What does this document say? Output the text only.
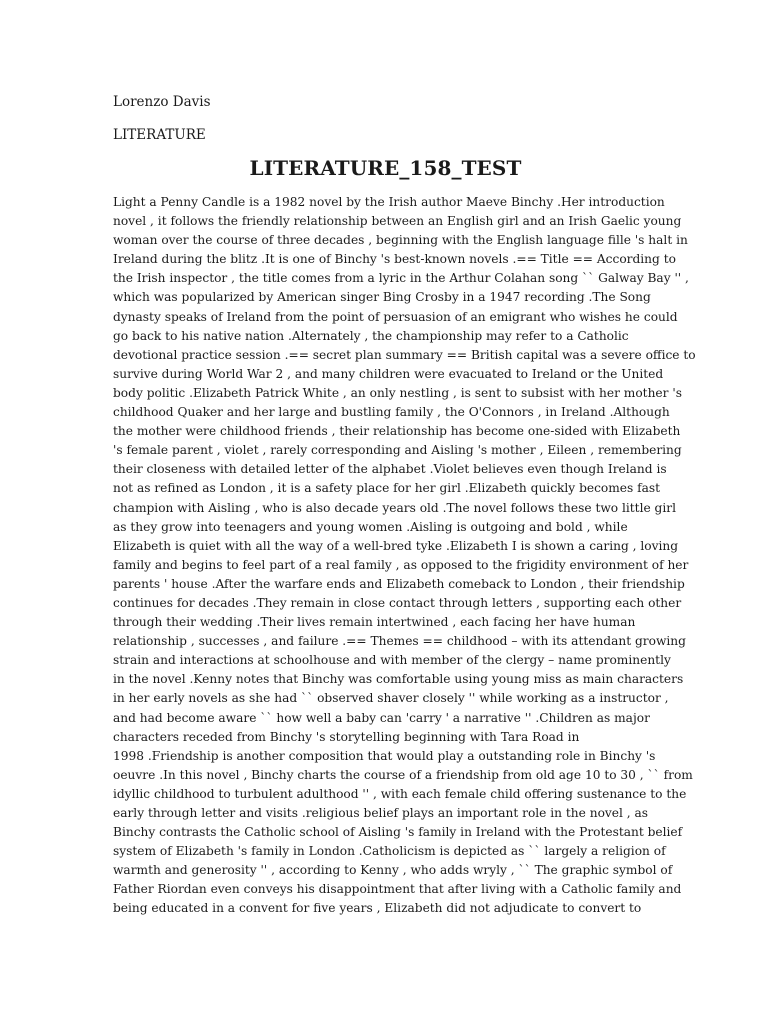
Lorenzo Davis
LITERATURE
LITERATURE_158_TEST
Light a Penny Candle is a 1982 novel by the Irish author Maeve Binchy .Her introduction
novel , it follows the friendly relationship between an English girl and an Irish Gaelic young
woman over the course of three decades , beginning with the English language fille 's halt in
Ireland during the blitz .It is one of Binchy 's best-known novels .== Title == According to
the Irish inspector , the title comes from a lyric in the Arthur Colahan song `` Galway Bay '' ,
which was popularized by American singer Bing Crosby in a 1947 recording .The Song
dynasty speaks of Ireland from the point of persuasion of an emigrant who wishes he could
go back to his native nation .Alternately , the championship may refer to a Catholic
devotional practice session .== secret plan summary == British capital was a severe office to
survive during World War 2 , and many children were evacuated to Ireland or the United
body politic .Elizabeth Patrick White , an only nestling , is sent to subsist with her mother 's
childhood Quaker and her large and bustling family , the O'Connors , in Ireland .Although
the mother were childhood friends , their relationship has become one-sided with Elizabeth
's female parent , violet , rarely corresponding and Aisling 's mother , Eileen , remembering
their closeness with detailed letter of the alphabet .Violet believes even though Ireland is
not as refined as London , it is a safety place for her girl .Elizabeth quickly becomes fast
champion with Aisling , who is also decade years old .The novel follows these two little girl
as they grow into teenagers and young women .Aisling is outgoing and bold , while
Elizabeth is quiet with all the way of a well-bred tyke .Elizabeth I is shown a caring , loving
family and begins to feel part of a real family , as opposed to the frigidity environment of her
parents ' house .After the warfare ends and Elizabeth comeback to London , their friendship
continues for decades .They remain in close contact through letters , supporting each other
through their wedding .Their lives remain intertwined , each facing her have human
relationship , successes , and failure .== Themes == childhood – with its attendant growing
strain and interactions at schoolhouse and with member of the clergy – name prominently
in the novel .Kenny notes that Binchy was comfortable using young miss as main characters
in her early novels as she had `` observed shaver closely '' while working as a instructor ,
and had become aware `` how well a baby can 'carry ' a narrative '' .Children as major
characters receded from Binchy 's storytelling beginning with Tara Road in
1998 .Friendship is another composition that would play a outstanding role in Binchy 's
oeuvre .In this novel , Binchy charts the course of a friendship from old age 10 to 30 , `` from
idyllic childhood to turbulent adulthood '' , with each female child offering sustenance to the
early through letter and visits .religious belief plays an important role in the novel , as
Binchy contrasts the Catholic school of Aisling 's family in Ireland with the Protestant belief
system of Elizabeth 's family in London .Catholicism is depicted as `` largely a religion of
warmth and generosity '' , according to Kenny , who adds wryly , `` The graphic symbol of
Father Riordan even conveys his disappointment that after living with a Catholic family and
being educated in a convent for five years , Elizabeth did not adjudicate to convert to
